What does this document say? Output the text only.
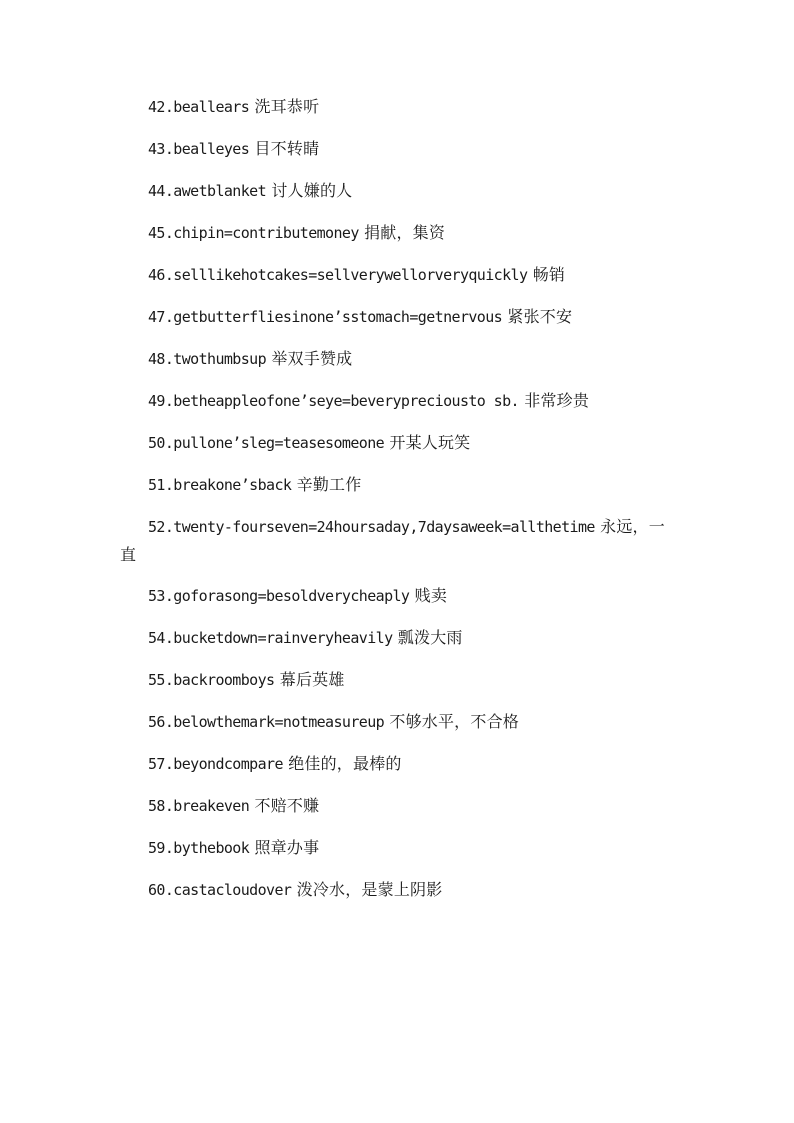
42.beallears 洗耳恭听
43.bealleyes 目不转睛
44.awetblanket 讨人嫌的人
45.chipin=contributemoney 捐献，集资
46.selllikehotcakes=sellverywellorveryquickly 畅销
47.getbutterfliesinone’sstomach=getnervous 紧张不安
48.twothumbsup 举双手赞成
49.betheappleofone’seye=beverypreciousto sb. 非常珍贵
50.pullone’sleg=teasesomeone 开某人玩笑
51.breakone’sback 辛勤工作
52.twenty-fourseven=24hoursaday,7daysaweek=allthetime 永远，一直
53.goforasong=besoldverycheaply 贱卖
54.bucketdown=rainveryheavily 瓢泼大雨
55.backroomboys 幕后英雄
56.belowthemark=notmeasureup 不够水平，不合格
57.beyondcompare 绝佳的，最棒的
58.breakeven 不赔不赚
59.bythebook 照章办事
60.castacloudover 泼冷水，是蒙上阴影
